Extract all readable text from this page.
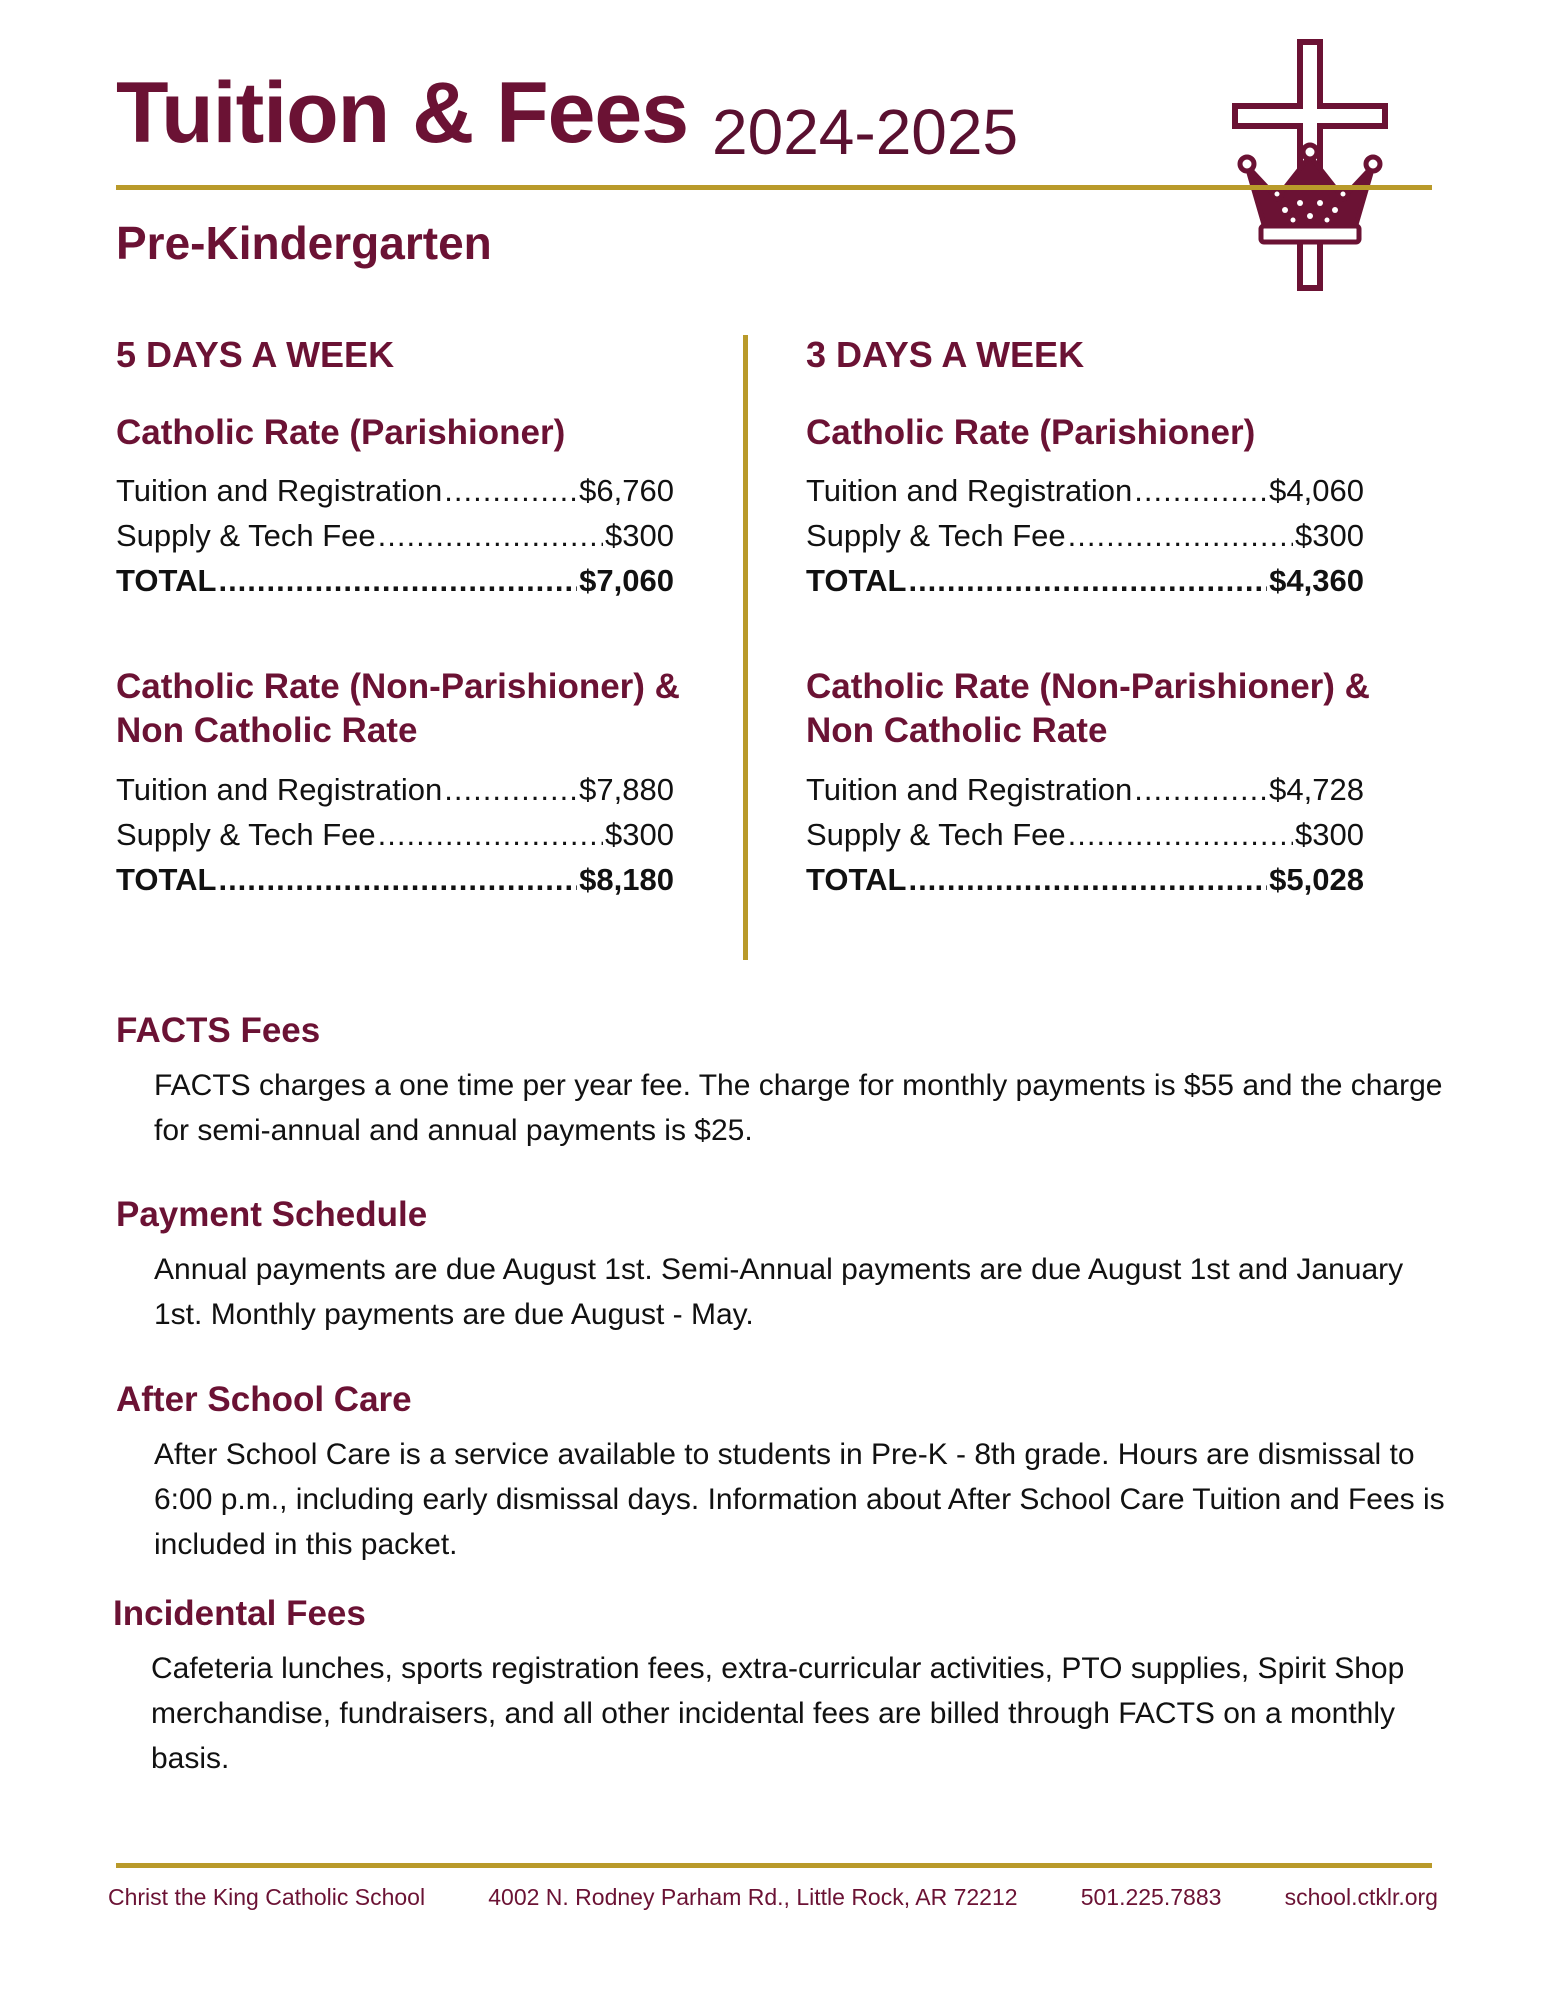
Tuition & Fees 2024-2025
Pre-Kindergarten
5 DAYS A WEEK
Catholic Rate (Parishioner)
Tuition and Registration .....	$6,760
Supply & Tech Fee .....	$300
TOTAL .....	$7,060
Catholic Rate (Non-Parishioner) & Non Catholic Rate
Tuition and Registration .....	$7,880
Supply & Tech Fee .....	$300
TOTAL .....	$8,180
3 DAYS A WEEK
Catholic Rate (Parishioner)
Tuition and Registration .....	$4,060
Supply & Tech Fee .....	$300
TOTAL .....	$4,360
Catholic Rate (Non-Parishioner) & Non Catholic Rate
Tuition and Registration .....	$4,728
Supply & Tech Fee .....	$300
TOTAL .....	$5,028
FACTS Fees

FACTS charges a one time per year fee. The charge for monthly payments is $55 and the charge for semi-annual and annual payments is $25.

Payment Schedule

Annual payments are due August 1st. Semi-Annual payments are due August 1st and January 1st. Monthly payments are due August - May.

After School Care

After School Care is a service available to students in Pre-K - 8th grade. Hours are dismissal to 6:00 p.m., including early dismissal days. Information about After School Care Tuition and Fees is included in this packet.

Incidental Fees

Cafeteria lunches, sports registration fees, extra-curricular activities, PTO supplies, Spirit Shop merchandise, fundraisers, and all other incidental fees are billed through FACTS on a monthly basis.

Christ the King Catholic School	4002 N. Rodney Parham Rd., Little Rock, AR 72212	501.225.7883	school.ctklr.org
